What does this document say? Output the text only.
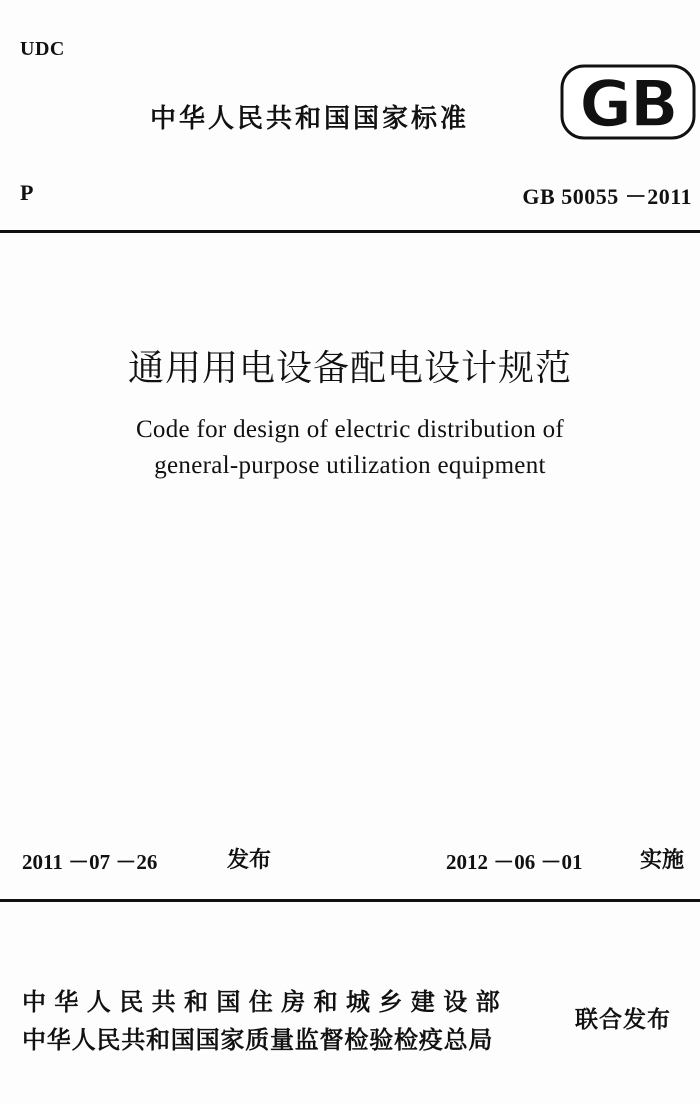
UDC
中华人民共和国国家标准 GB
P	GB 50055 －2011
通用用电设备配电设计规范
Code for design of electric distribution of
general-purpose utilization equipment
2011 －07 －26	发布	2012 －06 －01	实施
中华人民共和国住房和城乡建设部
中华人民共和国国家质量监督检验检疫总局
联合发布
